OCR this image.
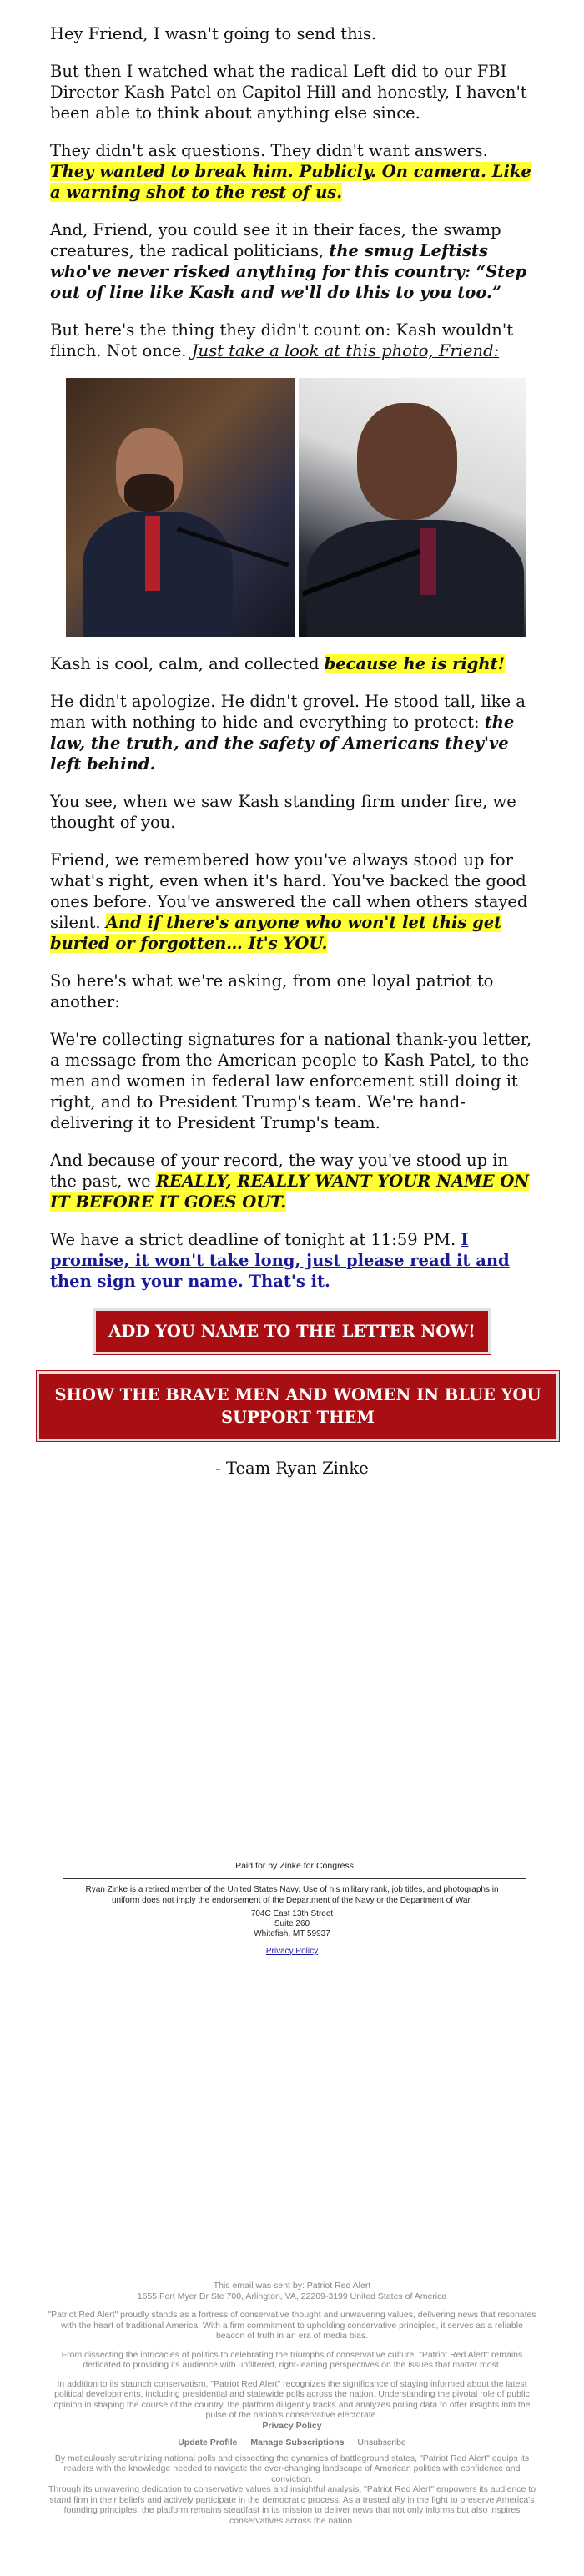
Hey Friend, I wasn't going to send this.

But then I watched what the radical Left did to our FBI Director Kash Patel on Capitol Hill and honestly, I haven't been able to think about anything else since.

They didn't ask questions. They didn't want answers. They wanted to break him. Publicly. On camera. Like a warning shot to the rest of us.

And, Friend, you could see it in their faces, the swamp creatures, the radical politicians, the smug Leftists who've never risked anything for this country: “Step out of line like Kash and we'll do this to you too.”

But here's the thing they didn't count on: Kash wouldn't flinch. Not once. Just take a look at this photo, Friend:

Kash is cool, calm, and collected because he is right!

He didn't apologize. He didn't grovel. He stood tall, like a man with nothing to hide and everything to protect: the law, the truth, and the safety of Americans they've left behind.

You see, when we saw Kash standing firm under fire, we thought of you.

Friend, we remembered how you've always stood up for what's right, even when it's hard. You've backed the good ones before. You've answered the call when others stayed silent. And if there's anyone who won't let this get buried or forgotten… It's YOU.

So here's what we're asking, from one loyal patriot to another:

We're collecting signatures for a national thank-you letter, a message from the American people to Kash Patel, to the men and women in federal law enforcement still doing it right, and to President Trump's team. We're hand-delivering it to President Trump's team.

And because of your record, the way you've stood up in the past, we REALLY, REALLY WANT YOUR NAME ON IT BEFORE IT GOES OUT.

We have a strict deadline of tonight at 11:59 PM. I promise, it won't take long, just please read it and then sign your name. That's it.

ADD YOU NAME TO THE LETTER NOW!
SHOW THE BRAVE MEN AND WOMEN IN BLUE YOU SUPPORT THEM

- Team Ryan Zinke

Paid for by Zinke for Congress
Ryan Zinke is a retired member of the United States Navy. Use of his military rank, job titles, and photographs in uniform does not imply the endorsement of the Department of the Navy or the Department of War.
704C East 13th Street
Suite 260
Whitefish, MT 59937
Privacy Policy

This email was sent by: Patriot Red Alert

1655 Fort Myer Dr Ste 700, Arlington, VA, 22209-3199 United States of America

"Patriot Red Alert" proudly stands as a fortress of conservative thought and unwavering values, delivering news that resonates with the heart of traditional America. With a firm commitment to upholding conservative principles, it serves as a reliable beacon of truth in an era of media bias.

From dissecting the intricacies of politics to celebrating the triumphs of conservative culture, "Patriot Red Alert" remains dedicated to providing its audience with unfiltered, right-leaning perspectives on the issues that matter most.

In addition to its staunch conservatism, "Patriot Red Alert" recognizes the significance of staying informed about the latest political developments, including presidential and statewide polls across the nation. Understanding the pivotal role of public opinion in shaping the course of the country, the platform diligently tracks and analyzes polling data to offer insights into the pulse of the nation's conservative electorate.

Privacy Policy

Update Profile Manage Subscriptions Unsubscribe

By meticulously scrutinizing national polls and dissecting the dynamics of battleground states, "Patriot Red Alert" equips its readers with the knowledge needed to navigate the ever-changing landscape of American politics with confidence and conviction.

Through its unwavering dedication to conservative values and insightful analysis, "Patriot Red Alert" empowers its audience to stand firm in their beliefs and actively participate in the democratic process. As a trusted ally in the fight to preserve America's founding principles, the platform remains steadfast in its mission to deliver news that not only informs but also inspires conservatives across the nation.
